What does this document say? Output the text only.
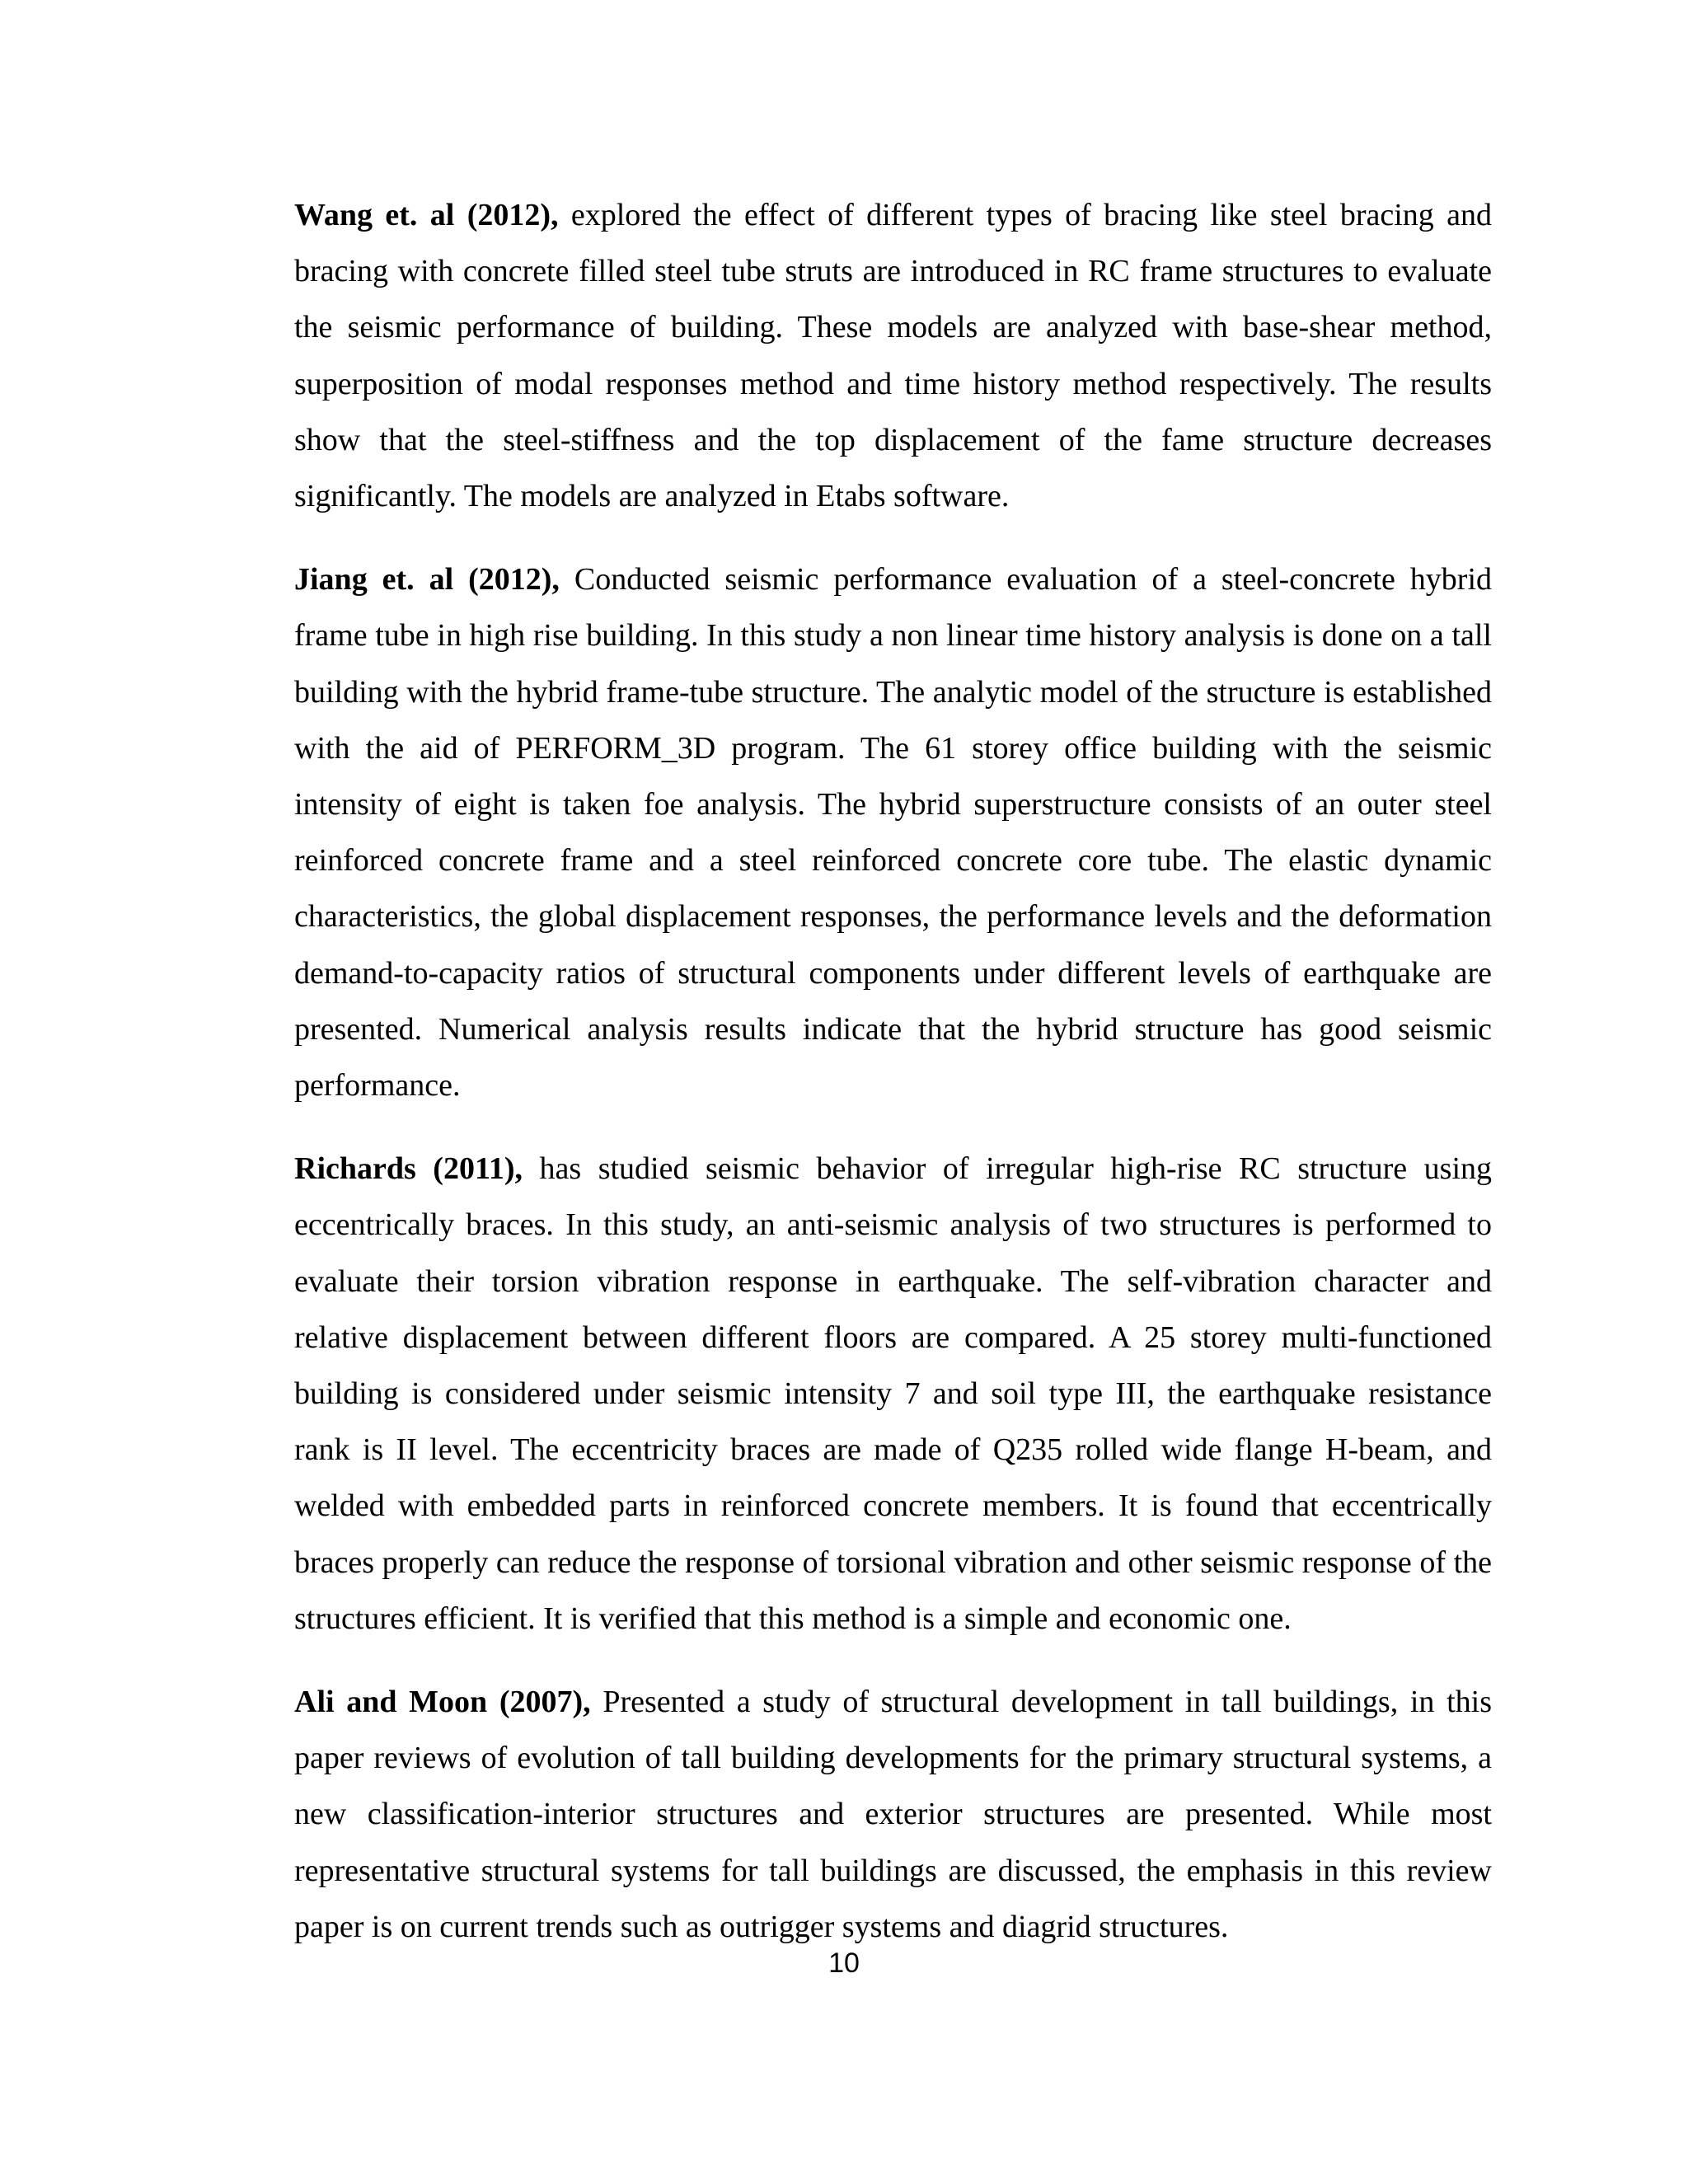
Wang et. al (2012), explored the effect of different types of bracing like steel bracing and bracing with concrete filled steel tube struts are introduced in RC frame structures to evaluate the seismic performance of building. These models are analyzed with base-shear method, superposition of modal responses method and time history method respectively. The results show that the steel-stiffness and the top displacement of the fame structure decreases significantly. The models are analyzed in Etabs software.

Jiang et. al (2012), Conducted seismic performance evaluation of a steel-concrete hybrid frame tube in high rise building. In this study a non linear time history analysis is done on a tall building with the hybrid frame-tube structure. The analytic model of the structure is established with the aid of PERFORM_3D program. The 61 storey office building with the seismic intensity of eight is taken foe analysis. The hybrid superstructure consists of an outer steel reinforced concrete frame and a steel reinforced concrete core tube. The elastic dynamic characteristics, the global displacement responses, the performance levels and the deformation demand-to-capacity ratios of structural components under different levels of earthquake are presented. Numerical analysis results indicate that the hybrid structure has good seismic performance.

Richards (2011), has studied seismic behavior of irregular high-rise RC structure using eccentrically braces. In this study, an anti-seismic analysis of two structures is performed to evaluate their torsion vibration response in earthquake. The self-vibration character and relative displacement between different floors are compared. A 25 storey multi-functioned building is considered under seismic intensity 7 and soil type III, the earthquake resistance rank is II level. The eccentricity braces are made of Q235 rolled wide flange H-beam, and welded with embedded parts in reinforced concrete members. It is found that eccentrically braces properly can reduce the response of torsional vibration and other seismic response of the structures efficient. It is verified that this method is a simple and economic one.

Ali and Moon (2007), Presented a study of structural development in tall buildings, in this paper reviews of evolution of tall building developments for the primary structural systems, a new classification-interior structures and exterior structures are presented. While most representative structural systems for tall buildings are discussed, the emphasis in this review paper is on current trends such as outrigger systems and diagrid structures.

10
